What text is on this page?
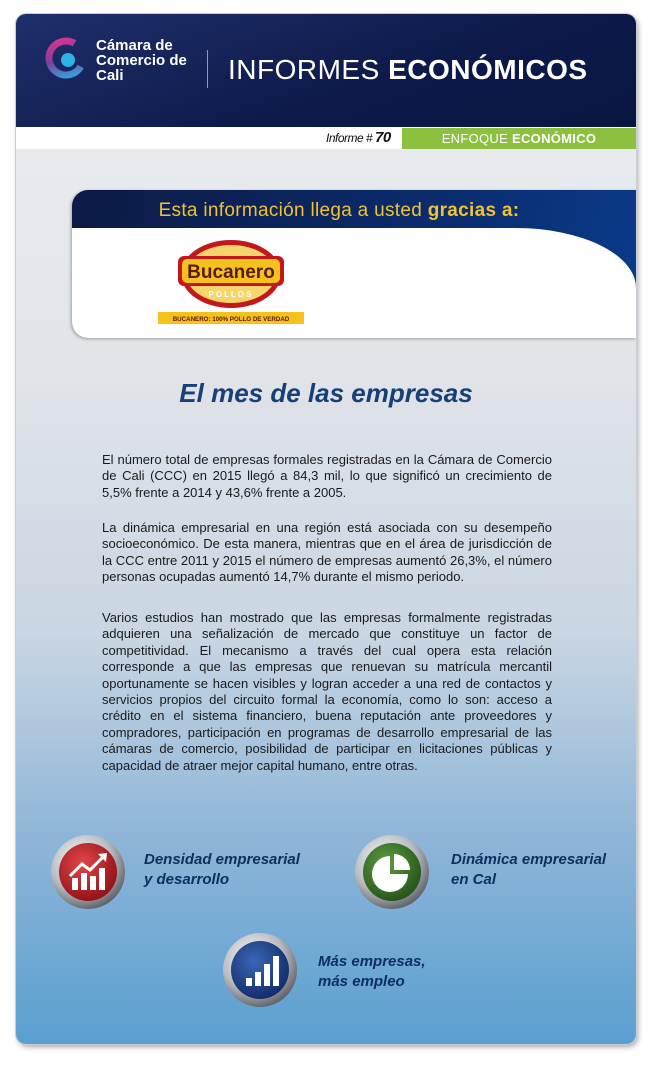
Cámara de
Comercio de
Cali	INFORMES ECONÓMICOS
Informe # 70	ENFOQUE ECONÓMICO
Esta información llega a usted gracias a:
Bucanero
POLLOS
BUCANERO: 100% POLLO DE VERDAD
El mes de las empresas

El número total de empresas formales registradas en la Cámara de Comercio de Cali (CCC) en 2015 llegó a 84,3 mil, lo que significó un crecimiento de 5,5% frente a 2014 y 43,6% frente a 2005.

La dinámica empresarial en una región está asociada con su desempeño socioeconómico. De esta manera, mientras que en el área de jurisdicción de la CCC entre 2011 y 2015 el número de empresas aumentó 26,3%, el número personas ocupadas aumentó 14,7% durante el mismo periodo.

Varios estudios han mostrado que las empresas formalmente registradas adquieren una señalización de mercado que constituye un factor de competitividad. El mecanismo a través del cual opera esta relación corresponde a que las empresas que renuevan su matrícula mercantil oportunamente se hacen visibles y logran acceder a una red de contactos y servicios propios del circuito formal la economía, como lo son: acceso a crédito en el sistema financiero, buena reputación ante proveedores y compradores, participación en programas de desarrollo empresarial de las cámaras de comercio, posibilidad de participar en licitaciones públicas y capacidad de atraer mejor capital humano, entre otras.

Densidad empresarial
y desarrollo
Dinámica empresarial
en Cal
Más empresas,
más empleo
